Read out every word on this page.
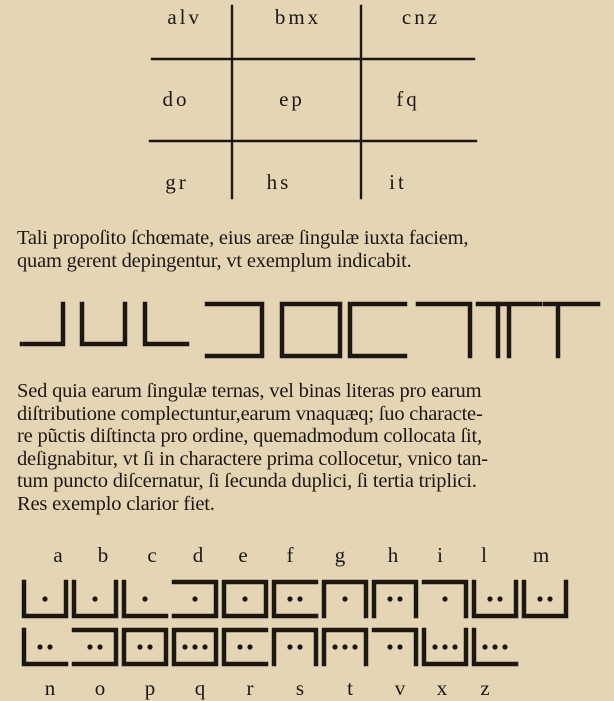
alv	bmx	cnz
do	ep	fq
gr	hs	it

Tali propoſito ſchœmate, eius areæ ſingulæ iuxta faciem,
quam gerent depingentur, vt exemplum indicabit.

Sed quia earum ſingulæ ternas, vel binas literas pro earum
diſtributione complectuntur,earum vnaquæq; ſuo characte-
re pũctis diſtincta pro ordine, quemadmodum collocata ſit,
deſignabitur, vt ſi in charactere prima collocetur, vnico tan-
tum puncto diſcernatur, ſi ſecunda duplici, ſi tertia triplici.
Res exemplo clarior fiet.

a b c d e f g h i l m
n o p q r s t v x z
